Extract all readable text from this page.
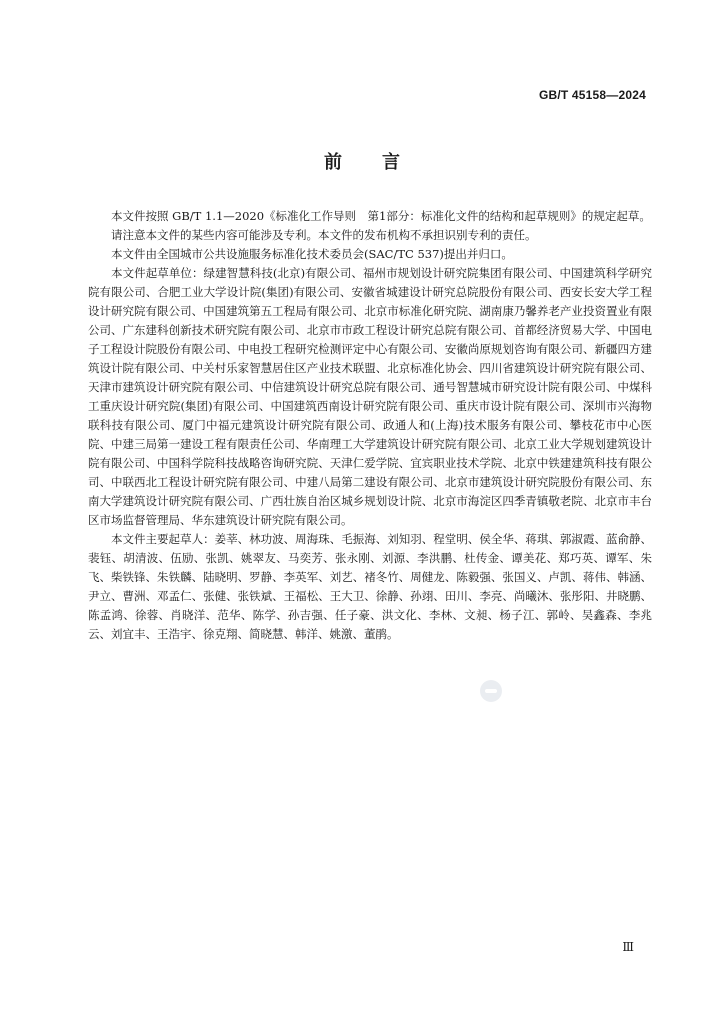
GB/T 45158—2024
前言

本文件按照 GB/T 1.1—2020《标准化工作导则　第1部分：标准化文件的结构和起草规则》的规定起草。

请注意本文件的某些内容可能涉及专利。本文件的发布机构不承担识别专利的责任。

本文件由全国城市公共设施服务标准化技术委员会(SAC/TC 537)提出并归口。

本文件起草单位：绿建智慧科技(北京)有限公司、福州市规划设计研究院集团有限公司、中国建筑科学研究院有限公司、合肥工业大学设计院(集团)有限公司、安徽省城建设计研究总院股份有限公司、西安长安大学工程设计研究院有限公司、中国建筑第五工程局有限公司、北京市标准化研究院、湖南康乃馨养老产业投资置业有限公司、广东建科创新技术研究院有限公司、北京市市政工程设计研究总院有限公司、首都经济贸易大学、中国电子工程设计院股份有限公司、中电投工程研究检测评定中心有限公司、安徽尚原规划咨询有限公司、新疆四方建筑设计院有限公司、中关村乐家智慧居住区产业技术联盟、北京标准化协会、四川省建筑设计研究院有限公司、天津市建筑设计研究院有限公司、中信建筑设计研究总院有限公司、通号智慧城市研究设计院有限公司、中煤科工重庆设计研究院(集团)有限公司、中国建筑西南设计研究院有限公司、重庆市设计院有限公司、深圳市兴海物联科技有限公司、厦门中福元建筑设计研究院有限公司、政通人和(上海)技术服务有限公司、攀枝花市中心医院、中建三局第一建设工程有限责任公司、华南理工大学建筑设计研究院有限公司、北京工业大学规划建筑设计院有限公司、中国科学院科技战略咨询研究院、天津仁爱学院、宜宾职业技术学院、北京中铁建建筑科技有限公司、中联西北工程设计研究院有限公司、中建八局第二建设有限公司、北京市建筑设计研究院股份有限公司、东南大学建筑设计研究院有限公司、广西壮族自治区城乡规划设计院、北京市海淀区四季青镇敬老院、北京市丰台区市场监督管理局、华东建筑设计研究院有限公司。

本文件主要起草人：姜莘、林功波、周海珠、毛振海、刘知羽、程堂明、侯全华、蒋琪、郭淑霞、蓝俞静、裴钰、胡清波、伍励、张凯、姚翠友、马奕芳、张永刚、刘源、李洪鹏、杜传金、谭美花、郑巧英、谭军、朱飞、柴铁锋、朱铁麟、陆晓明、罗静、李英军、刘艺、褚冬竹、周健龙、陈毅强、张国义、卢凯、蒋伟、韩涵、尹立、曹洲、邓孟仁、张健、张铁斌、王福松、王大卫、徐静、孙翊、田川、李亮、尚曦沐、张彤阳、井晓鹏、陈孟鸿、徐蓉、肖晓洋、范华、陈学、孙吉强、任子豪、洪文化、李林、文昶、杨子江、郭岭、吴鑫森、李兆云、刘宜丰、王浩宇、徐克翔、简晓慧、韩洋、姚激、董鹃。

Ⅲ
